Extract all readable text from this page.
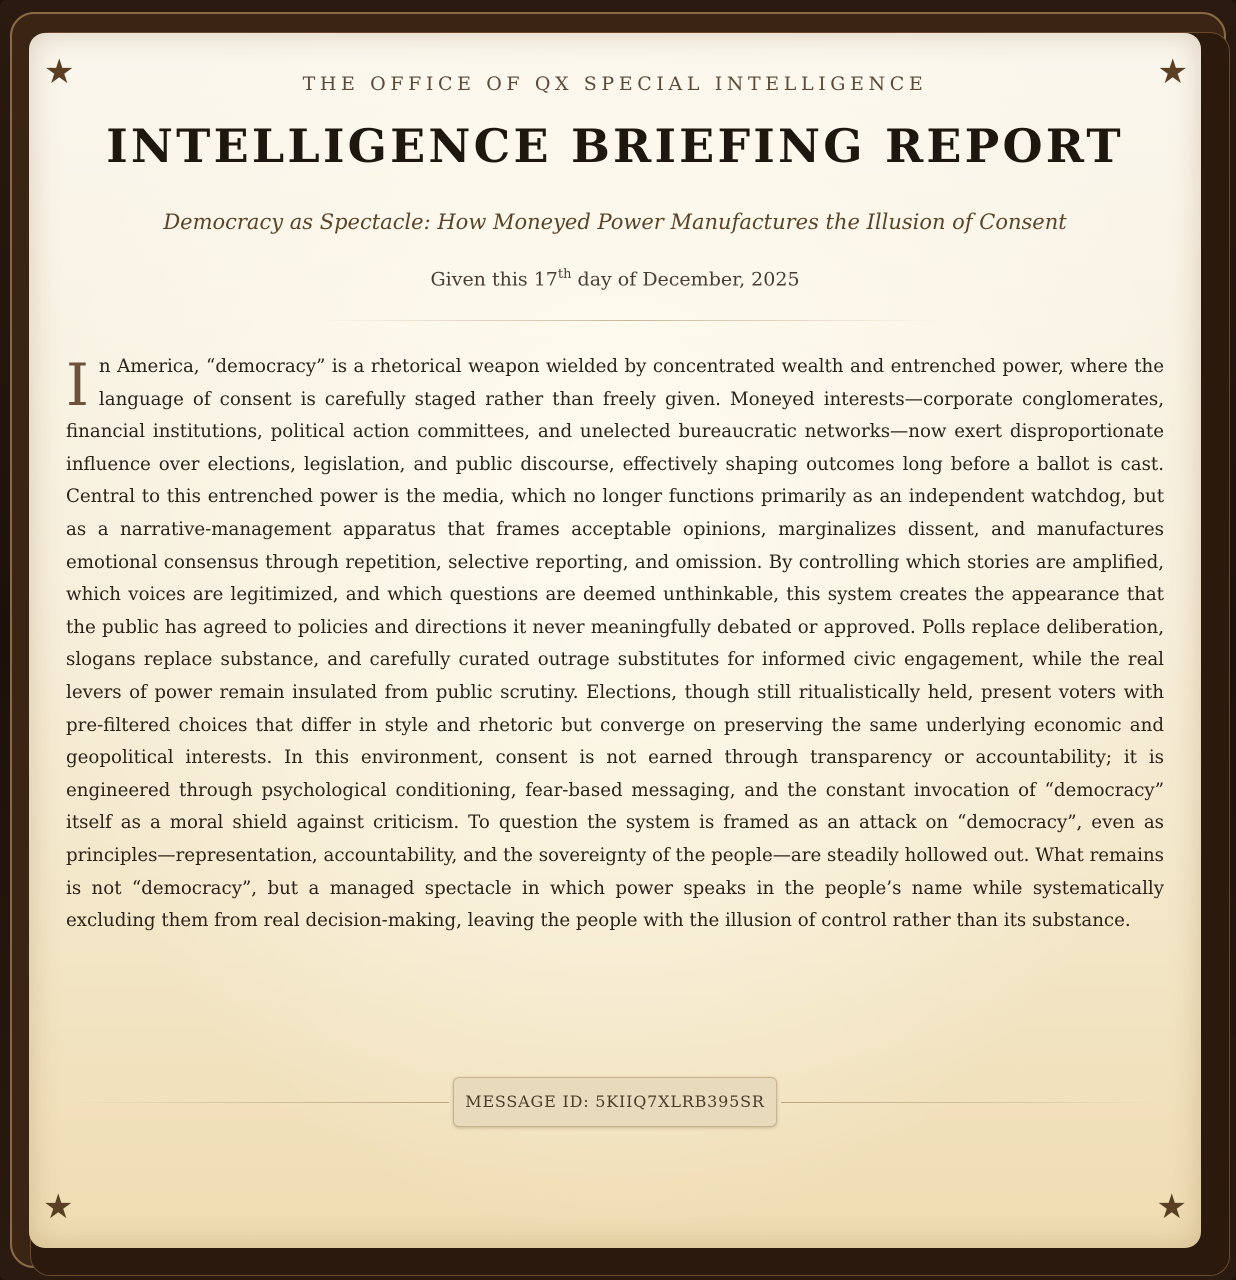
★	★
★	★
THE OFFICE OF QX SPECIAL INTELLIGENCE
INTELLIGENCE BRIEFING REPORT
Democracy as Spectacle: How Moneyed Power Manufactures the Illusion of Consent
Given this 17th day of December, 2025

In America, “democracy” is a rhetorical weapon wielded by concentrated wealth and entrenched power, where the language of consent is carefully staged rather than freely given. Moneyed interests—corporate conglomerates, financial institutions, political action committees, and unelected bureaucratic networks—now exert disproportionate influence over elections, legislation, and public discourse, effectively shaping outcomes long before a ballot is cast. Central to this entrenched power is the media, which no longer functions primarily as an independent watchdog, but as a narrative-management apparatus that frames acceptable opinions, marginalizes dissent, and manufactures emotional consensus through repetition, selective reporting, and omission. By controlling which stories are amplified, which voices are legitimized, and which questions are deemed unthinkable, this system creates the appearance that the public has agreed to policies and directions it never meaningfully debated or approved. Polls replace deliberation, slogans replace substance, and carefully curated outrage substitutes for informed civic engagement, while the real levers of power remain insulated from public scrutiny. Elections, though still ritualistically held, present voters with pre-filtered choices that differ in style and rhetoric but converge on preserving the same underlying economic and geopolitical interests. In this environment, consent is not earned through transparency or accountability; it is engineered through psychological conditioning, fear-based messaging, and the constant invocation of “democracy” itself as a moral shield against criticism. To question the system is framed as an attack on “democracy”, even as principles—representation, accountability, and the sovereignty of the people—are steadily hollowed out. What remains is not “democracy”, but a managed spectacle in which power speaks in the people’s name while systematically excluding them from real decision-making, leaving the people with the illusion of control rather than its substance.

MESSAGE ID: 5KIIQ7XLRB395SR
